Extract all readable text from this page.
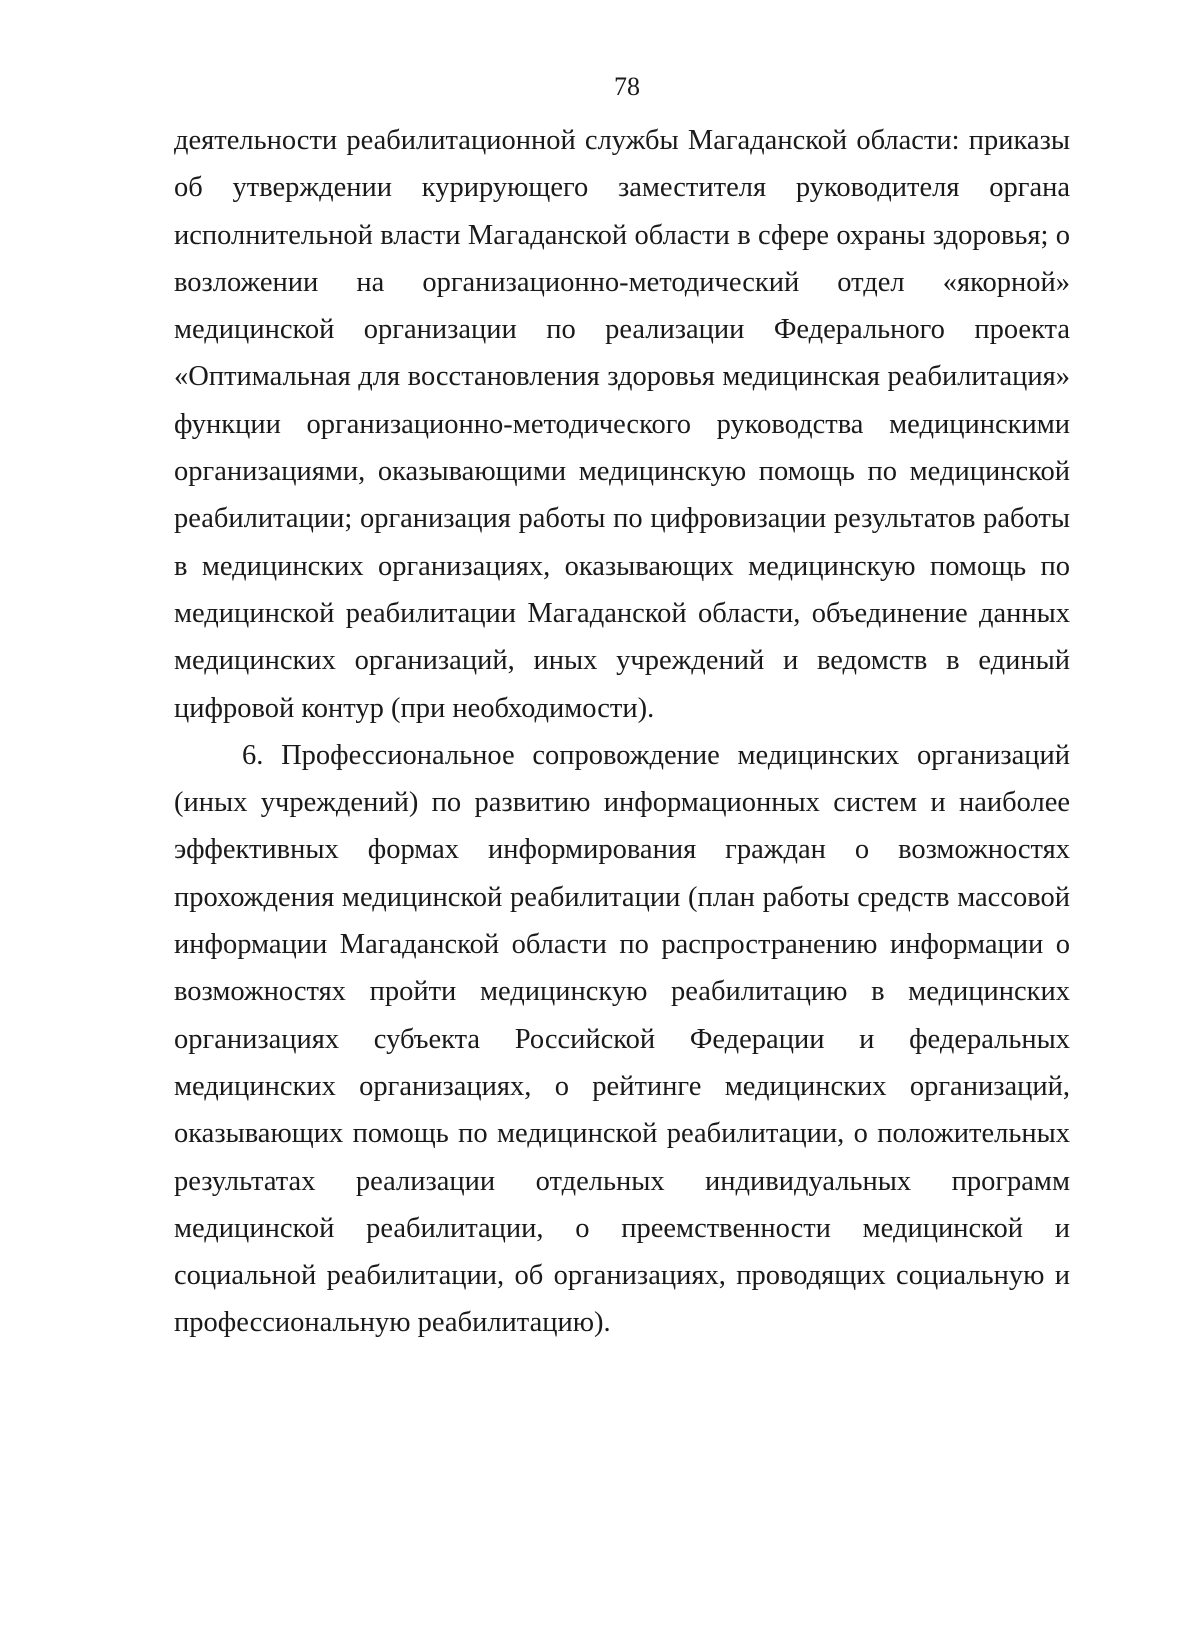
78

деятельности реабилитационной службы Магаданской области: приказы об утверждении курирующего заместителя руководителя органа исполнительной власти Магаданской области в сфере охраны здоровья; о возложении на организационно-методический отдел «якорной» медицинской организации по реализации Федерального проекта «Оптимальная для восстановления здоровья медицинская реабилитация» функции организационно-методического руководства медицинскими организациями, оказывающими медицинскую помощь по медицинской реабилитации; организация работы по цифровизации результатов работы в медицинских организациях, оказывающих медицинскую помощь по медицинской реабилитации Магаданской области, объединение данных медицинских организаций, иных учреждений и ведомств в единый цифровой контур (при необходимости).

6. Профессиональное сопровождение медицинских организаций (иных учреждений) по развитию информационных систем и наиболее эффективных формах информирования граждан о возможностях прохождения медицинской реабилитации (план работы средств массовой информации Магаданской области по распространению информации о возможностях пройти медицинскую реабилитацию в медицинских организациях субъекта Российской Федерации и федеральных медицинских организациях, о рейтинге медицинских организаций, оказывающих помощь по медицинской реабилитации, о положительных результатах реализации отдельных индивидуальных программ медицинской реабилитации, о преемственности медицинской и социальной реабилитации, об организациях, проводящих социальную и профессиональную реабилитацию).
